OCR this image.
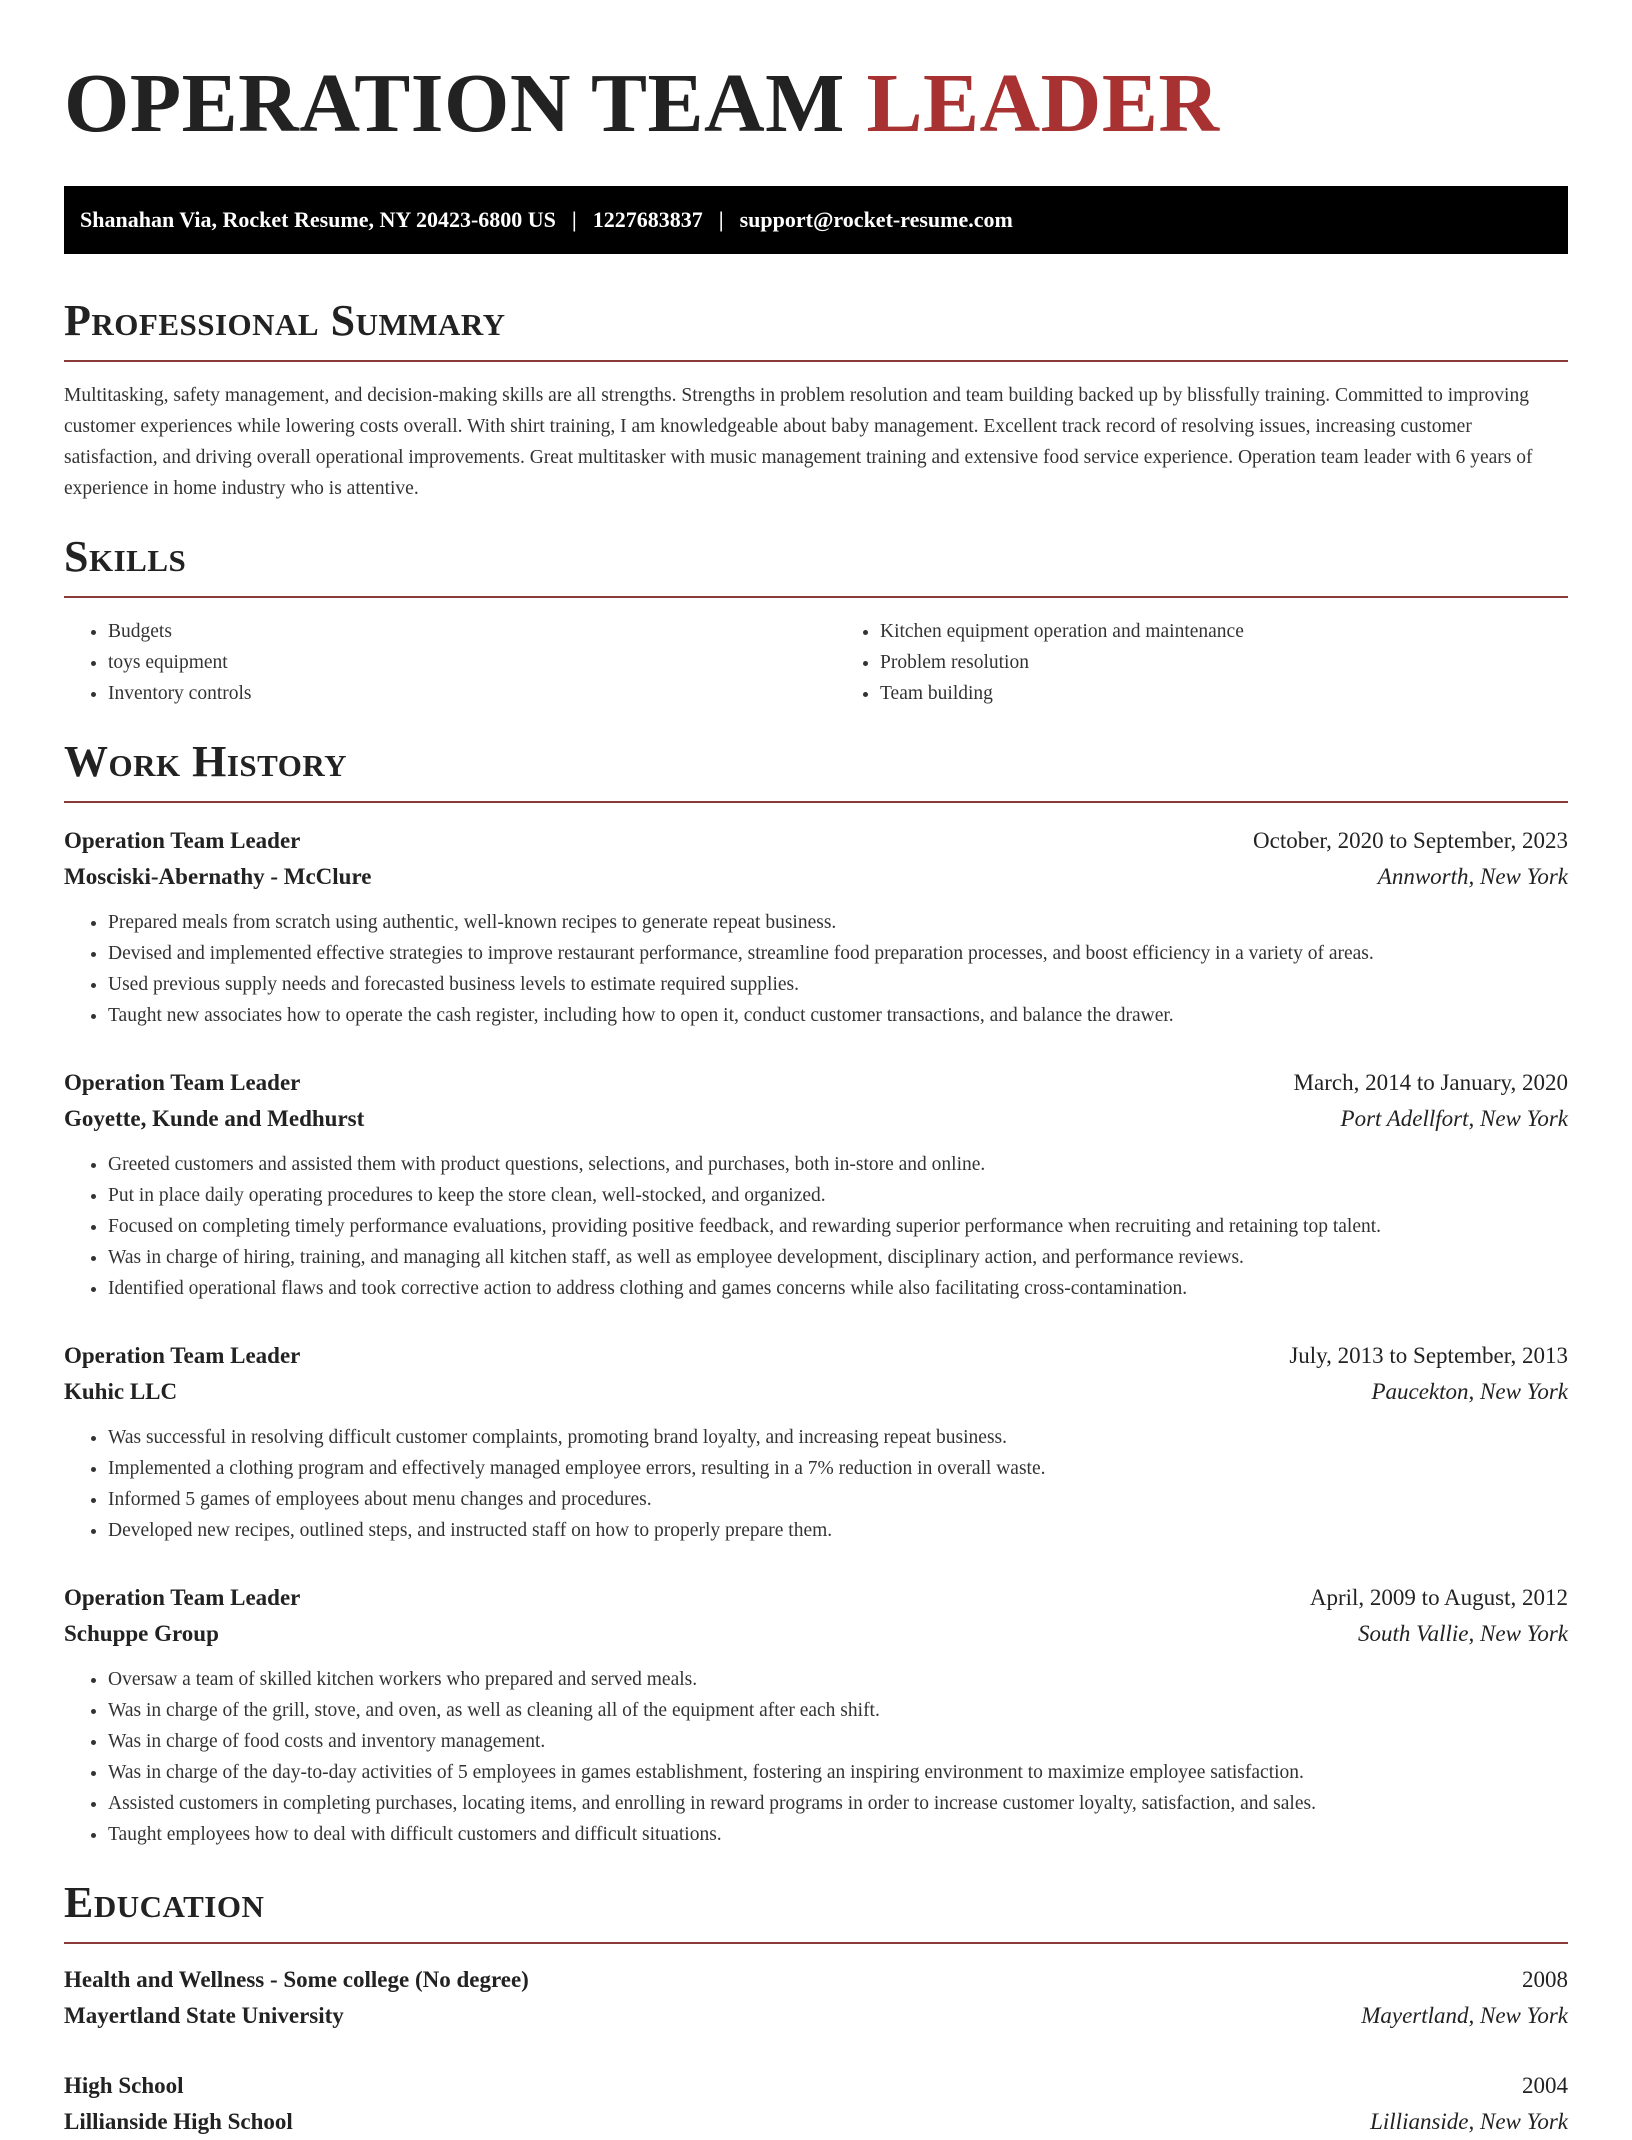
OPERATION TEAM LEADER
Shanahan Via, Rocket Resume, NY 20423-6800 US | 1227683837 | support@rocket-resume.com
Professional Summary

Multitasking, safety management, and decision-making skills are all strengths. Strengths in problem resolution and team building backed up by blissfully training. Committed to improving customer experiences while lowering costs overall. With shirt training, I am knowledgeable about baby management. Excellent track record of resolving issues, increasing customer satisfaction, and driving overall operational improvements. Great multitasker with music management training and extensive food service experience. Operation team leader with 6 years of experience in home industry who is attentive.

Skills
• Budgets
• toys equipment
• Inventory controls
• Kitchen equipment operation and maintenance
• Problem resolution
• Team building
Work History
Operation Team Leader	October, 2020 to September, 2023
Mosciski-Abernathy - McClure	Annworth, New York
• Prepared meals from scratch using authentic, well-known recipes to generate repeat business.
• Devised and implemented effective strategies to improve restaurant performance, streamline food preparation processes, and boost efficiency in a variety of areas.
• Used previous supply needs and forecasted business levels to estimate required supplies.
• Taught new associates how to operate the cash register, including how to open it, conduct customer transactions, and balance the drawer.
Operation Team Leader	March, 2014 to January, 2020
Goyette, Kunde and Medhurst	Port Adellfort, New York
• Greeted customers and assisted them with product questions, selections, and purchases, both in-store and online.
• Put in place daily operating procedures to keep the store clean, well-stocked, and organized.
• Focused on completing timely performance evaluations, providing positive feedback, and rewarding superior performance when recruiting and retaining top talent.
• Was in charge of hiring, training, and managing all kitchen staff, as well as employee development, disciplinary action, and performance reviews.
• Identified operational flaws and took corrective action to address clothing and games concerns while also facilitating cross-contamination.
Operation Team Leader	July, 2013 to September, 2013
Kuhic LLC	Paucekton, New York
• Was successful in resolving difficult customer complaints, promoting brand loyalty, and increasing repeat business.
• Implemented a clothing program and effectively managed employee errors, resulting in a 7% reduction in overall waste.
• Informed 5 games of employees about menu changes and procedures.
• Developed new recipes, outlined steps, and instructed staff on how to properly prepare them.
Operation Team Leader	April, 2009 to August, 2012
Schuppe Group	South Vallie, New York
• Oversaw a team of skilled kitchen workers who prepared and served meals.
• Was in charge of the grill, stove, and oven, as well as cleaning all of the equipment after each shift.
• Was in charge of food costs and inventory management.
• Was in charge of the day-to-day activities of 5 employees in games establishment, fostering an inspiring environment to maximize employee satisfaction.
• Assisted customers in completing purchases, locating items, and enrolling in reward programs in order to increase customer loyalty, satisfaction, and sales.
• Taught employees how to deal with difficult customers and difficult situations.
Education
Health and Wellness - Some college (No degree)	2008
Mayertland State University	Mayertland, New York
High School	2004
Lillianside High School	Lillianside, New York
